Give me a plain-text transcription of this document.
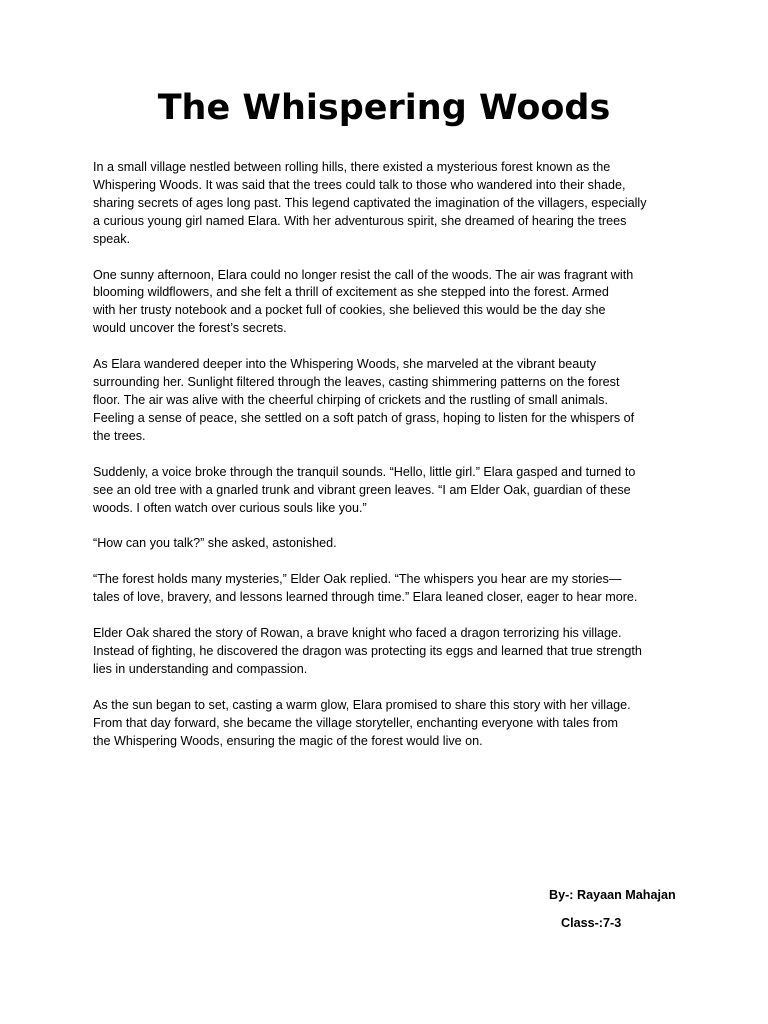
The Whispering Woods

In a small village nestled between rolling hills, there existed a mysterious forest known as the
Whispering Woods. It was said that the trees could talk to those who wandered into their shade,
sharing secrets of ages long past. This legend captivated the imagination of the villagers, especially
a curious young girl named Elara. With her adventurous spirit, she dreamed of hearing the trees
speak.

One sunny afternoon, Elara could no longer resist the call of the woods. The air was fragrant with
blooming wildflowers, and she felt a thrill of excitement as she stepped into the forest. Armed
with her trusty notebook and a pocket full of cookies, she believed this would be the day she
would uncover the forest’s secrets.

As Elara wandered deeper into the Whispering Woods, she marveled at the vibrant beauty
surrounding her. Sunlight filtered through the leaves, casting shimmering patterns on the forest
floor. The air was alive with the cheerful chirping of crickets and the rustling of small animals.
Feeling a sense of peace, she settled on a soft patch of grass, hoping to listen for the whispers of
the trees.

Suddenly, a voice broke through the tranquil sounds. “Hello, little girl.” Elara gasped and turned to
see an old tree with a gnarled trunk and vibrant green leaves. “I am Elder Oak, guardian of these
woods. I often watch over curious souls like you.”

“How can you talk?” she asked, astonished.

“The forest holds many mysteries,” Elder Oak replied. “The whispers you hear are my stories—
tales of love, bravery, and lessons learned through time.” Elara leaned closer, eager to hear more.

Elder Oak shared the story of Rowan, a brave knight who faced a dragon terrorizing his village.
Instead of fighting, he discovered the dragon was protecting its eggs and learned that true strength
lies in understanding and compassion.

As the sun began to set, casting a warm glow, Elara promised to share this story with her village.
From that day forward, she became the village storyteller, enchanting everyone with tales from
the Whispering Woods, ensuring the magic of the forest would live on.

By-: Rayaan Mahajan
Class-:7-3
